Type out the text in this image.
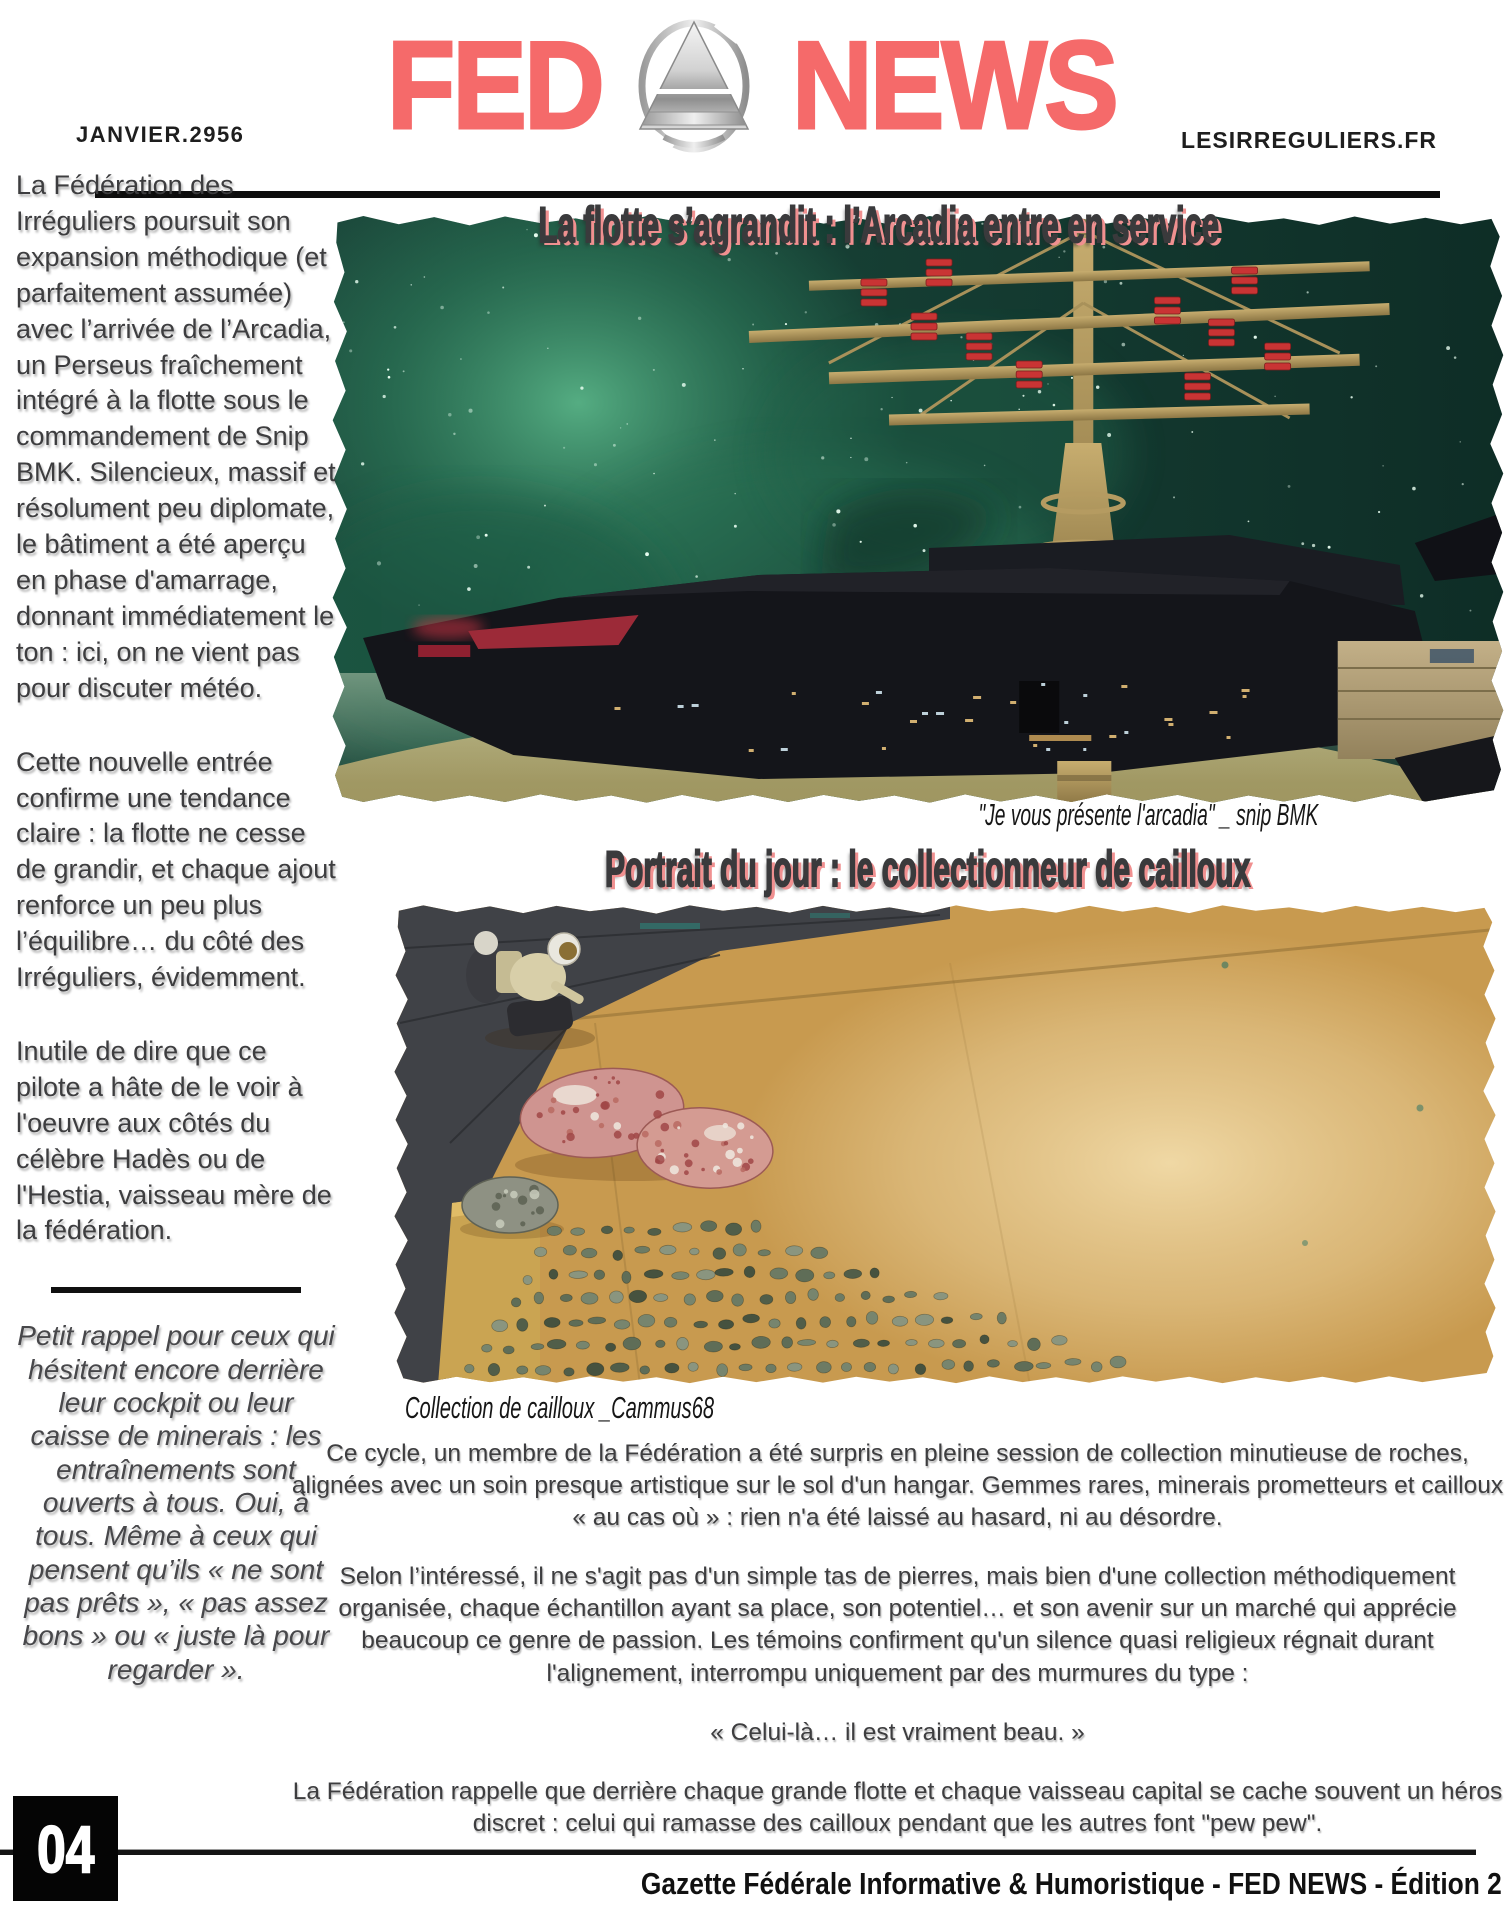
FED NEWS
JANVIER.2956	LESIRREGULIERS.FR

La Fédération des Irréguliers poursuit son expansion méthodique (et parfaitement assumée) avec l’arrivée de l’Arcadia, un Perseus fraîchement intégré à la flotte sous le commandement de Snip BMK. Silencieux, massif et résolument peu diplomate, le bâtiment a été aperçu en phase d'amarrage, donnant immédiatement le ton : ici, on ne vient pas pour discuter météo.

Cette nouvelle entrée confirme une tendance claire : la flotte ne cesse de grandir, et chaque ajout renforce un peu plus l’équilibre… du côté des Irréguliers, évidemment.

Inutile de dire que ce pilote a hâte de le voir à l'oeuvre aux côtés du célèbre Hadès ou de l'Hestia, vaisseau mère de la fédération.

Petit rappel pour ceux qui hésitent encore derrière leur cockpit ou leur caisse de minerais : les entraînements sont ouverts à tous. Oui, à tous. Même à ceux qui pensent qu’ils « ne sont pas prêts », « pas assez bons » ou « juste là pour regarder ».

La flotte s’agrandit : l’Arcadia entre en service
"Je vous présente l'arcadia" _ snip BMK
Portrait du jour : le collectionneur de cailloux
Collection de cailloux _Cammus68

Ce cycle, un membre de la Fédération a été surpris en pleine session de collection minutieuse de roches, alignées avec un soin presque artistique sur le sol d'un hangar. Gemmes rares, minerais prometteurs et cailloux « au cas où » : rien n'a été laissé au hasard, ni au désordre.

Selon l’intéressé, il ne s'agit pas d'un simple tas de pierres, mais bien d'une collection méthodiquement organisée, chaque échantillon ayant sa place, son potentiel… et son avenir sur un marché qui apprécie beaucoup ce genre de passion. Les témoins confirment qu'un silence quasi religieux régnait durant l'alignement, interrompu uniquement par des murmures du type :

« Celui-là… il est vraiment beau. »

La Fédération rappelle que derrière chaque grande flotte et chaque vaisseau capital se cache souvent un héros discret : celui qui ramasse des cailloux pendant que les autres font "pew pew".

04	Gazette Fédérale Informative & Humoristique - FED NEWS - Édition 2
